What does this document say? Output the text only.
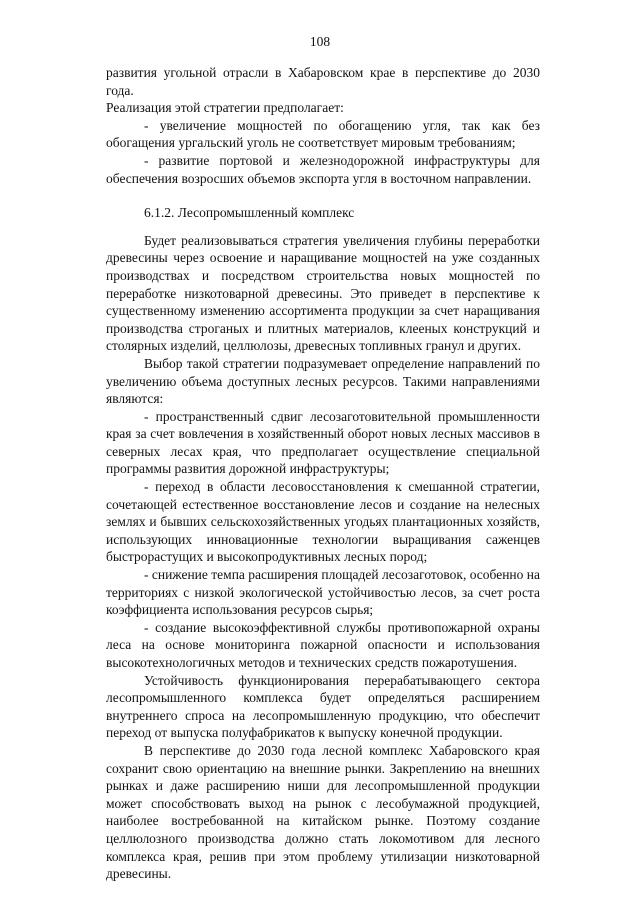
108

развития угольной отрасли в Хабаровском крае в перспективе до 2030 года.

Реализация этой стратегии предполагает:

- увеличение мощностей по обогащению угля, так как без обогащения ургальский уголь не соответствует мировым требованиям;

- развитие портовой и железнодорожной инфраструктуры для обеспечения возросших объемов экспорта угля в восточном направлении.

6.1.2. Лесопромышленный комплекс

Будет реализовываться стратегия увеличения глубины переработки древесины через освоение и наращивание мощностей на уже созданных производствах и посредством строительства новых мощностей по переработке низкотоварной древесины. Это приведет в перспективе к существенному изменению ассортимента продукции за счет наращивания производства строганых и плитных материалов, клееных конструкций и столярных изделий, целлюлозы, древесных топливных гранул и других.

Выбор такой стратегии подразумевает определение направлений по увеличению объема доступных лесных ресурсов. Такими направлениями являются:

- пространственный сдвиг лесозаготовительной промышленности края за счет вовлечения в хозяйственный оборот новых лесных массивов в северных лесах края, что предполагает осуществление специальной программы развития дорожной инфраструктуры;

- переход в области лесовосстановления к смешанной стратегии, сочетающей естественное восстановление лесов и создание на нелесных землях и бывших сельскохозяйственных угодьях плантационных хозяйств, использующих инновационные технологии выращивания саженцев быстрорастущих и высокопродуктивных лесных пород;

- снижение темпа расширения площадей лесозаготовок, особенно на территориях с низкой экологической устойчивостью лесов, за счет роста коэффициента использования ресурсов сырья;

- создание высокоэффективной службы противопожарной охраны леса на основе мониторинга пожарной опасности и использования высокотехнологичных методов и технических средств пожаротушения.

Устойчивость функционирования перерабатывающего сектора лесопромышленного комплекса будет определяться расширением внутреннего спроса на лесопромышленную продукцию, что обеспечит переход от выпуска полуфабрикатов к выпуску конечной продукции.

В перспективе до 2030 года лесной комплекс Хабаровского края сохранит свою ориентацию на внешние рынки. Закреплению на внешних рынках и даже расширению ниши для лесопромышленной продукции может способствовать выход на рынок с лесобумажной продукцией, наиболее востребованной на китайском рынке. Поэтому создание целлюлозного производства должно стать локомотивом для лесного комплекса края, решив при этом проблему утилизации низкотоварной древесины.
